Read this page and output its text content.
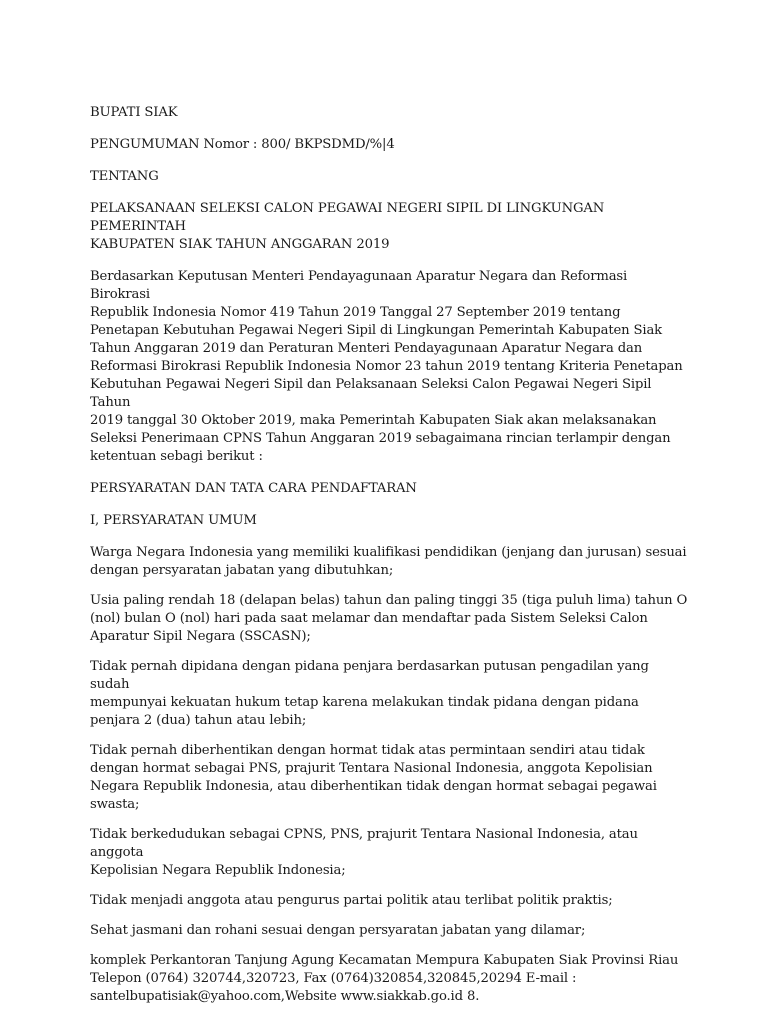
BUPATI SIAK

PENGUMUMAN Nomor : 800/ BKPSDMD/%|4

TENTANG

PELAKSANAAN SELEKSI CALON PEGAWAI NEGERI SIPIL DI LINGKUNGAN PEMERINTAH
KABUPATEN SIAK TAHUN ANGGARAN 2019

Berdasarkan Keputusan Menteri Pendayagunaan Aparatur Negara dan Reformasi Birokrasi
Republik Indonesia Nomor 419 Tahun 2019 Tanggal 27 September 2019 tentang
Penetapan Kebutuhan Pegawai Negeri Sipil di Lingkungan Pemerintah Kabupaten Siak
Tahun Anggaran 2019 dan Peraturan Menteri Pendayagunaan Aparatur Negara dan
Reformasi Birokrasi Republik Indonesia Nomor 23 tahun 2019 tentang Kriteria Penetapan
Kebutuhan Pegawai Negeri Sipil dan Pelaksanaan Seleksi Calon Pegawai Negeri Sipil Tahun
2019 tanggal 30 Oktober 2019, maka Pemerintah Kabupaten Siak akan melaksanakan
Seleksi Penerimaan CPNS Tahun Anggaran 2019 sebagaimana rincian terlampir dengan
ketentuan sebagi berikut :

PERSYARATAN DAN TATA CARA PENDAFTARAN

I, PERSYARATAN UMUM

Warga Negara Indonesia yang memiliki kualifikasi pendidikan (jenjang dan jurusan) sesuai
dengan persyaratan jabatan yang dibutuhkan;

Usia paling rendah 18 (delapan belas) tahun dan paling tinggi 35 (tiga puluh lima) tahun O
(nol) bulan O (nol) hari pada saat melamar dan mendaftar pada Sistem Seleksi Calon
Aparatur Sipil Negara (SSCASN);

Tidak pernah dipidana dengan pidana penjara berdasarkan putusan pengadilan yang sudah
mempunyai kekuatan hukum tetap karena melakukan tindak pidana dengan pidana
penjara 2 (dua) tahun atau lebih;

Tidak pernah diberhentikan dengan hormat tidak atas permintaan sendiri atau tidak
dengan hormat sebagai PNS, prajurit Tentara Nasional Indonesia, anggota Kepolisian
Negara Republik Indonesia, atau diberhentikan tidak dengan hormat sebagai pegawai
swasta;

Tidak berkedudukan sebagai CPNS, PNS, prajurit Tentara Nasional Indonesia, atau anggota
Kepolisian Negara Republik Indonesia;

Tidak menjadi anggota atau pengurus partai politik atau terlibat politik praktis;

Sehat jasmani dan rohani sesuai dengan persyaratan jabatan yang dilamar;

komplek Perkantoran Tanjung Agung Kecamatan Mempura Kabupaten Siak Provinsi Riau
Telepon (0764) 320744,320723, Fax (0764)320854,320845,20294 E-mail :
santelbupatisiak@yahoo.com,Website www.siakkab.go.id 8.
